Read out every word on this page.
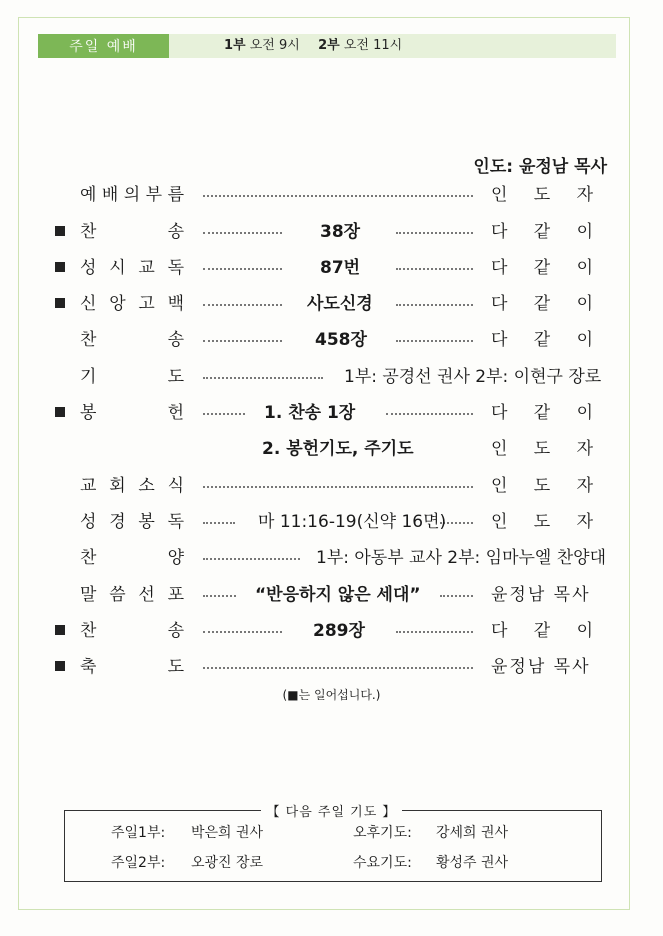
주일 예배	1부 오전 9시 2부 오전 11시
인도: 윤정남 목사
예 배 의 부 름	인 도 자
찬	송	38장	다 같 이
성 시 교 독	87번	다 같 이
신 앙 고 백	사도신경	다 같 이
찬	송	458장	다 같 이
기	도	1부: 공경선 권사 2부: 이현구 장로
봉	헌	1. 찬송 1장	다 같 이
2. 봉헌기도, 주기도	인 도 자
교 회 소 식	인 도 자
성 경 봉 독	마 11:16-19(신약 16면)	인 도 자
찬	양	1부: 아동부 교사 2부: 임마누엘 찬양대
말 씀 선 포	“반응하지 않은 세대”	윤정남 목사
찬	송	289장	다 같 이
축	도	윤정남 목사
(■는 일어섭니다.)
【 다음 주일 기도 】
주일1부: 박은희 권사	오후기도: 강세희 권사
주일2부: 오광진 장로	수요기도: 황성주 권사
